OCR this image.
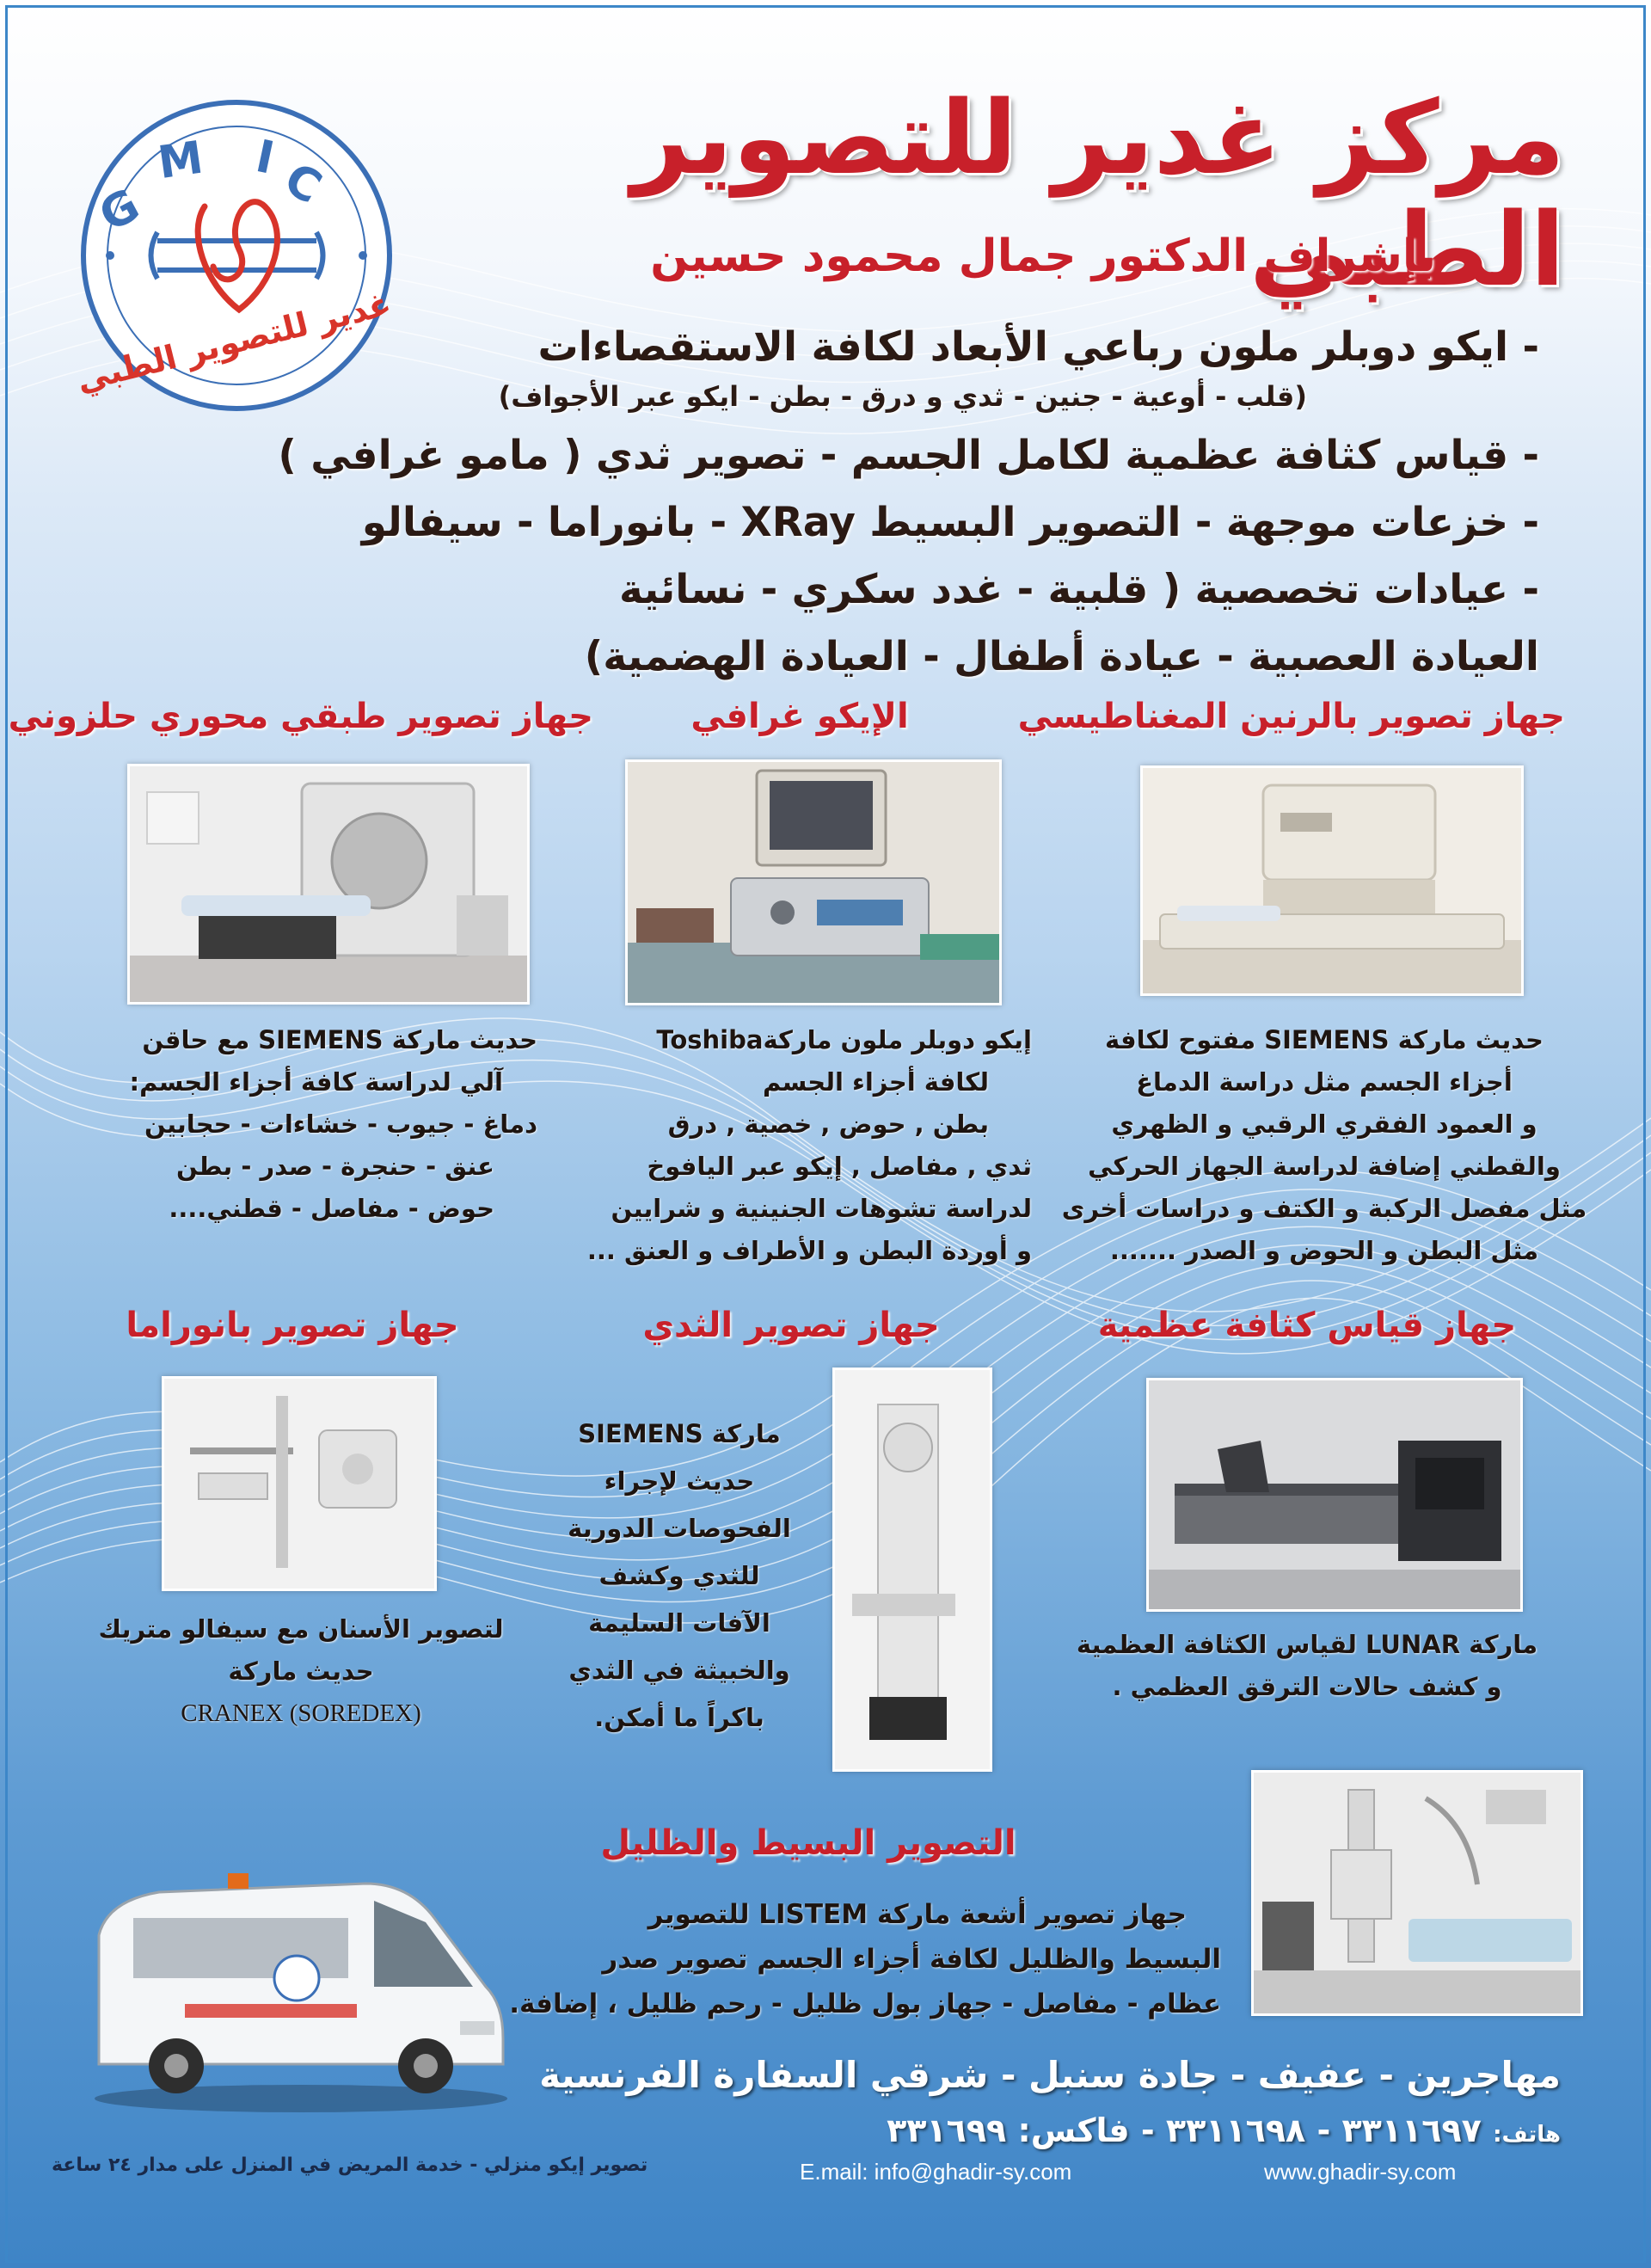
G
M I
C
غدير للتصوير الطبي
مركز غدير للتصوير الطبي
بإشراف الدكتور جمال محمود حسين
- ايكو دوبلر ملون رباعي الأبعاد لكافة الاستقصاءات
(قلب - أوعية - جنين - ثدي و درق - بطن - ايكو عبر الأجواف)
- قياس كثافة عظمية لكامل الجسم - تصوير ثدي ( مامو غرافي )
- خزعات موجهة - التصوير البسيط XRay - بانوراما - سيفالو
- عيادات تخصصية ( قلبية - غدد سكري - نسائية
العيادة العصبية - عيادة أطفال - العيادة الهضمية)
جهاز تصوير بالرنين المغناطيسي
الإيكو غرافي
جهاز تصوير طبقي محوري حلزوني
حديث ماركة SIEMENS مفتوح لكافة
أجزاء الجسم مثل دراسة الدماغ
و العمود الفقري الرقبي و الظهري
والقطني إضافة لدراسة الجهاز الحركي
مثل مفصل الركبة و الكتف و دراسات أخرى
مثل البطن و الحوض و الصدر .......
إيكو دوبلر ملون ماركةToshiba
لكافة أجزاء الجسم
بطن , حوض , خصية , درق
ثدي , مفاصل , إيكو عبر اليافوخ
لدراسة تشوهات الجنينية و شرايين
و أوردة البطن و الأطراف و العنق ...
حديث ماركة SIEMENS مع حاقن
آلي لدراسة كافة أجزاء الجسم:
دماغ - جيوب - خشاءات - حجابين
عنق - حنجرة - صدر - بطن
حوض - مفاصل - قطني....
جهاز قياس كثافة عظمية
جهاز تصوير الثدي
جهاز تصوير بانوراما
ماركة LUNAR لقياس الكثافة العظمية
و كشف حالات الترقق العظمي .
ماركة SIEMENS
حديث لإجراء
الفحوصات الدورية
للثدي وكشف
الآفات السليمة
والخبيثة في الثدي
باكراً ما أمكن.
لتصوير الأسنان مع سيفالو متريك
حديث ماركة
CRANEX (SOREDEX)
التصوير البسيط والظليل
جهاز تصوير أشعة ماركة LISTEM للتصوير
البسيط والظليل لكافة أجزاء الجسم تصوير صدر
عظام - مفاصل - جهاز بول ظليل - رحم ظليل ، إضافة.
مهاجرين - عفيف - جادة سنبل - شرقي السفارة الفرنسية
هاتف: ٣٣١١٦٩٧ - ٣٣١١٦٩٨ - فاكس: ٣٣١٦٩٩
E.mail: info@ghadir-sy.com	www.ghadir-sy.com
تصوير إيكو منزلي - خدمة المريض في المنزل على مدار ٢٤ ساعة
